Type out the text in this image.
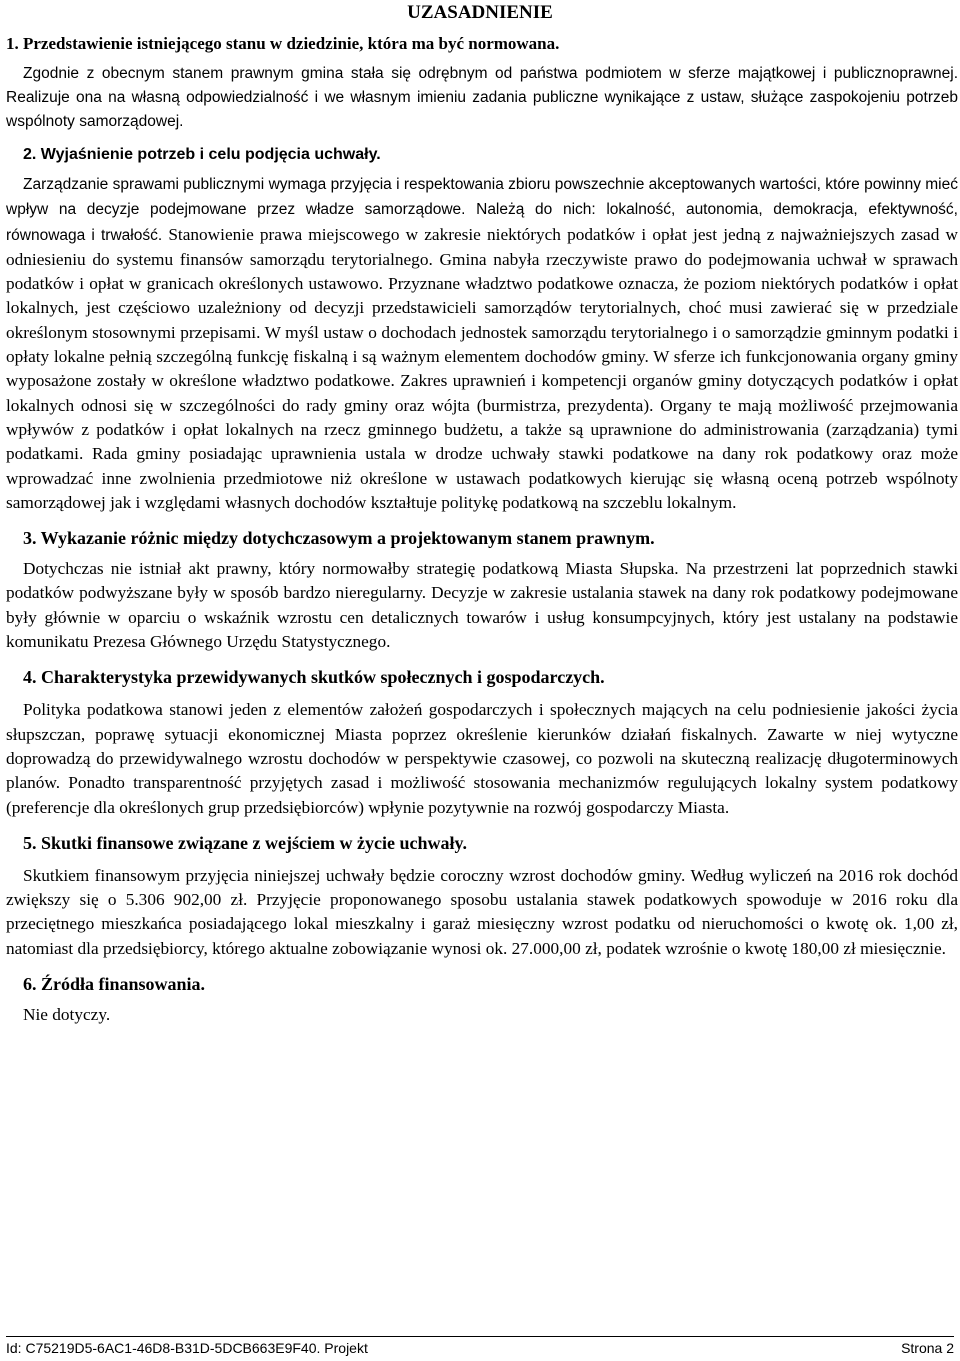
UZASADNIENIE
1. Przedstawienie istniejącego stanu w dziedzinie, która ma być normowana.

Zgodnie z obecnym stanem prawnym gmina stała się odrębnym od państwa podmiotem w sferze majątkowej i publicznoprawnej. Realizuje ona na własną odpowiedzialność i we własnym imieniu zadania publiczne wynikające z ustaw, służące zaspokojeniu potrzeb wspólnoty samorządowej.

2. Wyjaśnienie potrzeb i celu podjęcia uchwały.

Zarządzanie sprawami publicznymi wymaga przyjęcia i respektowania zbioru powszechnie akceptowanych wartości, które powinny mieć wpływ na decyzje podejmowane przez władze samorządowe. Należą do nich: lokalność, autonomia, demokracja, efektywność, równowaga i trwałość. Stanowienie prawa miejscowego w zakresie niektórych podatków i opłat jest jedną z najważniejszych zasad w odniesieniu do systemu finansów samorządu terytorialnego. Gmina nabyła rzeczywiste prawo do podejmowania uchwał w sprawach podatków i opłat w granicach określonych ustawowo. Przyznane władztwo podatkowe oznacza, że poziom niektórych podatków i opłat lokalnych, jest częściowo uzależniony od decyzji przedstawicieli samorządów terytorialnych, choć musi zawierać się w przedziale określonym stosownymi przepisami. W myśl ustaw o dochodach jednostek samorządu terytorialnego i o samorządzie gminnym podatki i opłaty lokalne pełnią szczególną funkcję fiskalną i są ważnym elementem dochodów gminy. W sferze ich funkcjonowania organy gminy wyposażone zostały w określone władztwo podatkowe. Zakres uprawnień i kompetencji organów gminy dotyczących podatków i opłat lokalnych odnosi się w szczególności do rady gminy oraz wójta (burmistrza, prezydenta). Organy te mają możliwość przejmowania wpływów z podatków i opłat lokalnych na rzecz gminnego budżetu, a także są uprawnione do administrowania (zarządzania) tymi podatkami. Rada gminy posiadając uprawnienia ustala w drodze uchwały stawki podatkowe na dany rok podatkowy oraz może wprowadzać inne zwolnienia przedmiotowe niż określone w ustawach podatkowych kierując się własną oceną potrzeb wspólnoty samorządowej jak i względami własnych dochodów kształtuje politykę podatkową na szczeblu lokalnym.

3. Wykazanie różnic między dotychczasowym a projektowanym stanem prawnym.

Dotychczas nie istniał akt prawny, który normowałby strategię podatkową Miasta Słupska. Na przestrzeni lat poprzednich stawki podatków podwyższane były w sposób bardzo nieregularny. Decyzje w zakresie ustalania stawek na dany rok podatkowy podejmowane były głównie w oparciu o wskaźnik wzrostu cen detalicznych towarów i usług konsumpcyjnych, który jest ustalany na podstawie komunikatu Prezesa Głównego Urzędu Statystycznego.

4. Charakterystyka przewidywanych skutków społecznych i gospodarczych.

Polityka podatkowa stanowi jeden z elementów założeń gospodarczych i społecznych mających na celu podniesienie jakości życia słupszczan, poprawę sytuacji ekonomicznej Miasta poprzez określenie kierunków działań fiskalnych. Zawarte w niej wytyczne doprowadzą do przewidywalnego wzrostu dochodów w perspektywie czasowej, co pozwoli na skuteczną realizację długoterminowych planów. Ponadto transparentność przyjętych zasad i możliwość stosowania mechanizmów regulujących lokalny system podatkowy (preferencje dla określonych grup przedsiębiorców) wpłynie pozytywnie na rozwój gospodarczy Miasta.

5. Skutki finansowe związane z wejściem w życie uchwały.

Skutkiem finansowym przyjęcia niniejszej uchwały będzie coroczny wzrost dochodów gminy. Według wyliczeń na 2016 rok dochód zwiększy się o 5.306 902,00 zł. Przyjęcie proponowanego sposobu ustalania stawek podatkowych spowoduje w 2016 roku dla przeciętnego mieszkańca posiadającego lokal mieszkalny i garaż miesięczny wzrost podatku od nieruchomości o kwotę ok. 1,00 zł, natomiast dla przedsiębiorcy, którego aktualne zobowiązanie wynosi ok. 27.000,00 zł, podatek wzrośnie o kwotę 180,00 zł miesięcznie.

6. Źródła finansowania.

Nie dotyczy.

Id: C75219D5-6AC1-46D8-B31D-5DCB663E9F40. Projekt	Strona 2
